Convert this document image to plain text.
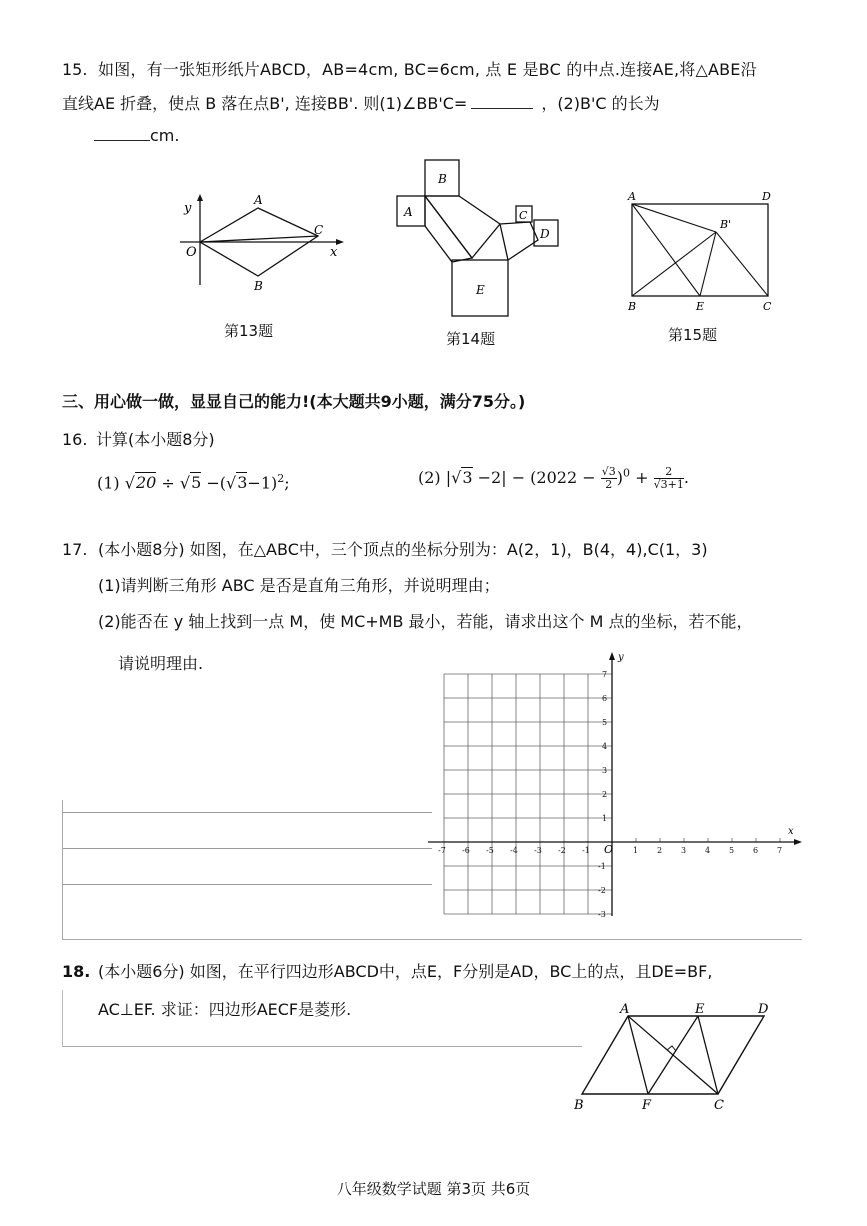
15. 如图，有一张矩形纸片ABCD，AB=4cm, BC=6cm, 点 E 是BC 的中点.连接AE,将△ABE沿
直线AE 折叠，使点 B 落在点B', 连接BB'. 则(1)∠BB'C=	，(2)B'C 的长为
cm.
y
x
O
A
B
C
第13题
B
A	C
D
E
第14题
A	D
B'
B	E	C
第15题
三、用心做一做，显显自己的能力!(本大题共9小题，满分75分。)
16. 计算(本小题8分)
(1) $√20 \div √5 -(√3-1)^2$;	(2) $|√3 -2| - (2022 - \frac{√3}{2} )^0 + \frac{2}{√3+1}$ .
17. (本小题8分) 如图，在△ABC中，三个顶点的坐标分别为：A(2，1)，B(4，4),C(1，3)
(1)请判断三角形 ABC 是否是直角三角形，并说明理由；
(2)能否在 y 轴上找到一点 M，使 MC+MB 最小，若能，请求出这个 M 点的坐标，若不能，
请说明理由.
x
y
O
-7 -6 -5 -4 -3 -2 -1	1 2 3 4 5 6 7
7
6
5
4
3
2
1
-1
-2
-3
18. (本小题6分) 如图，在平行四边形ABCD中，点E，F分别是AD，BC上的点，且DE=BF,
AC⊥EF. 求证：四边形AECF是菱形.	A	E	D
B	F	C
八年级数学试题 第3页 共6页
